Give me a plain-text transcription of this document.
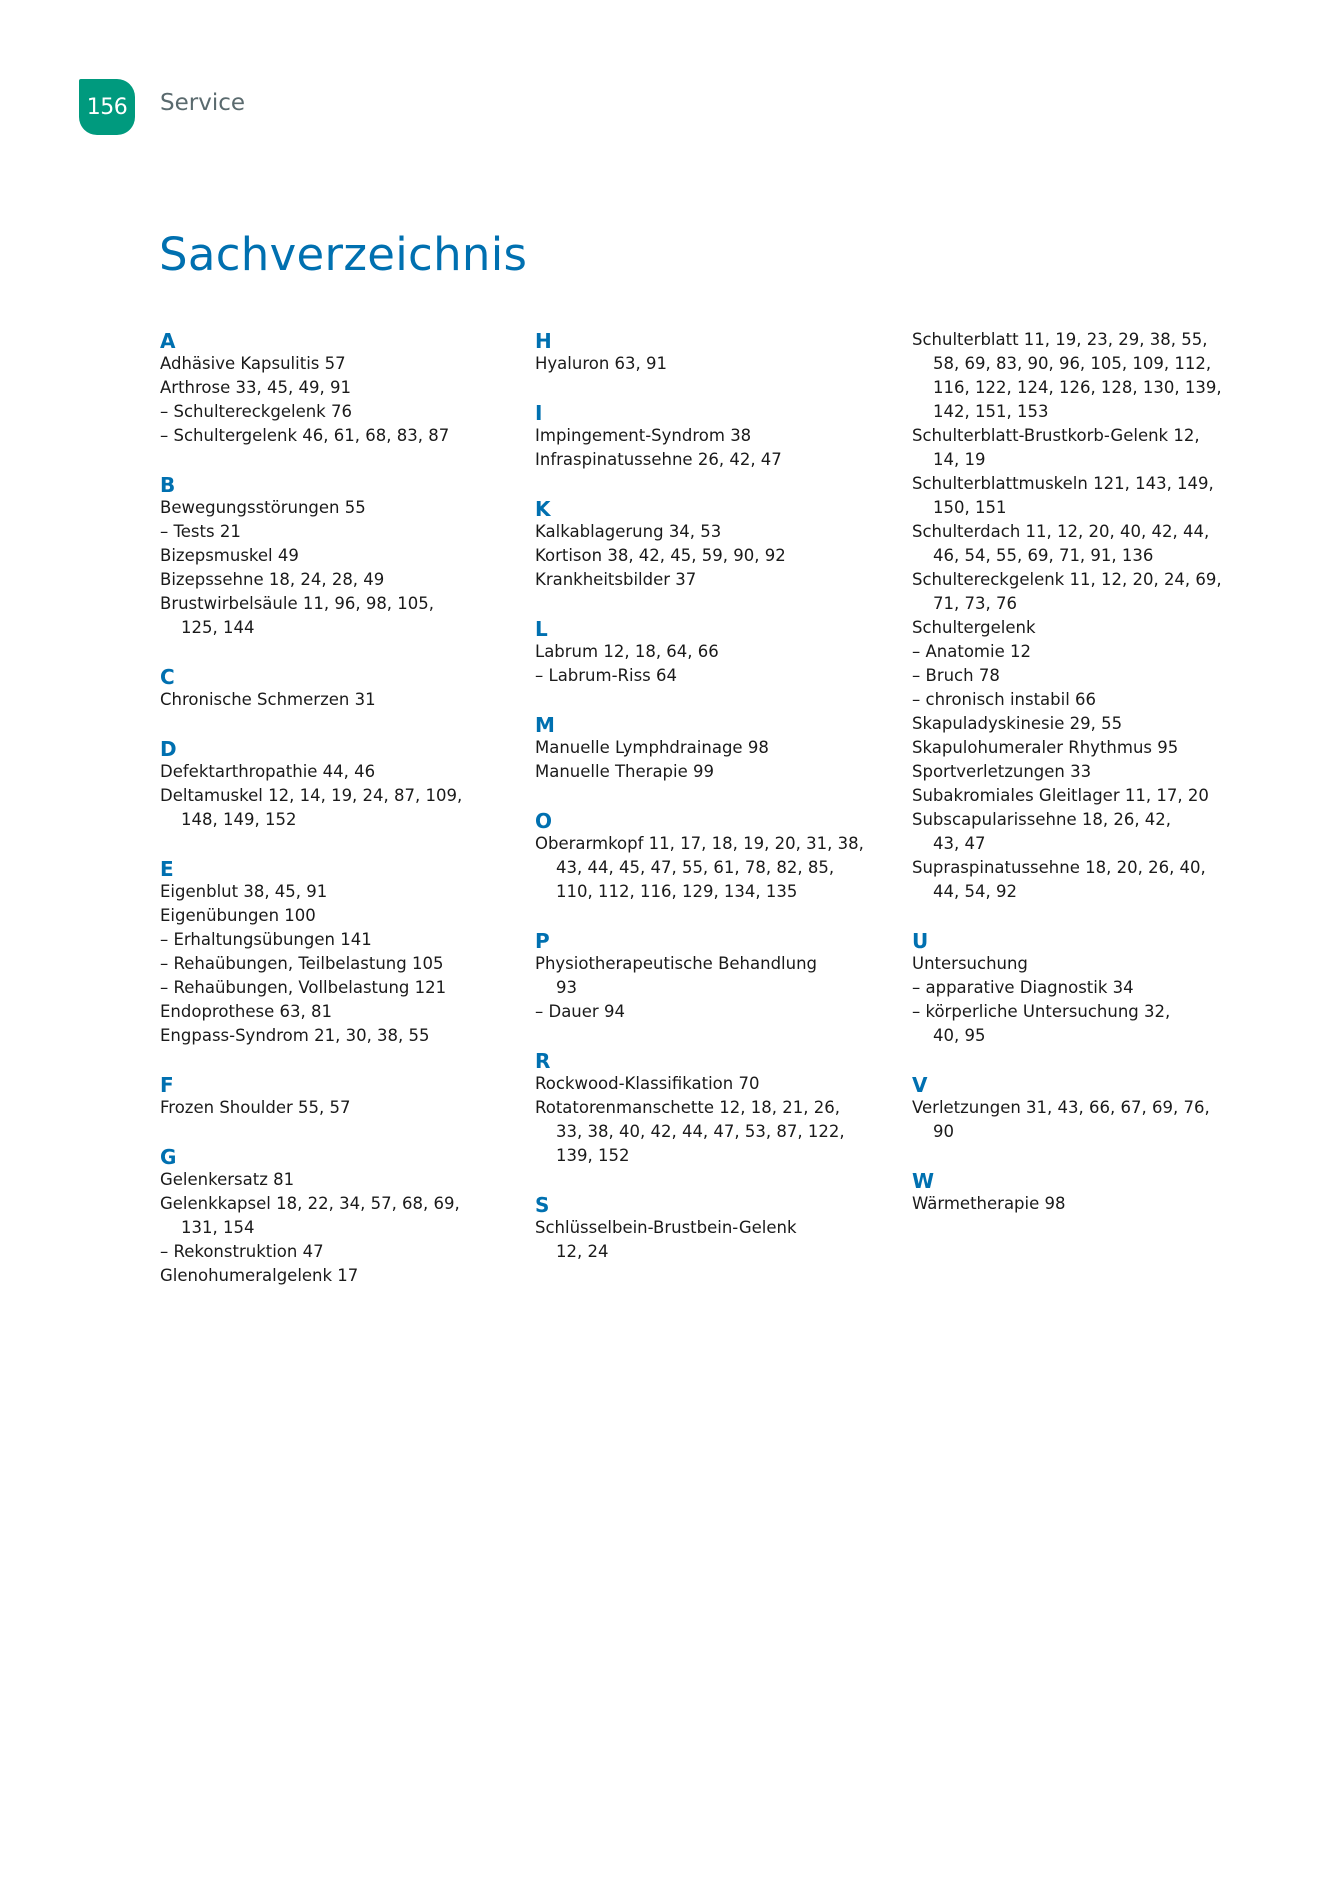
156 Service
Sachverzeichnis
A
Adhäsive Kapsulitis 57
Arthrose 33, 45, 49, 91
– Schultereckgelenk 76
– Schultergelenk 46, 61, 68, 83, 87
B
Bewegungsstörungen 55
– Tests 21
Bizepsmuskel 49
Bizepssehne 18, 24, 28, 49
Brustwirbelsäule 11, 96, 98, 105,
125, 144
C
Chronische Schmerzen 31
D
Defektarthropathie 44, 46
Deltamuskel 12, 14, 19, 24, 87, 109,
148, 149, 152
E
Eigenblut 38, 45, 91
Eigenübungen 100
– Erhaltungsübungen 141
– Rehaübungen, Teilbelastung 105
– Rehaübungen, Vollbelastung 121
Endoprothese 63, 81
Engpass-Syndrom 21, 30, 38, 55
F
Frozen Shoulder 55, 57
G
Gelenkersatz 81
Gelenkkapsel 18, 22, 34, 57, 68, 69,
131, 154
– Rekonstruktion 47
Glenohumeralgelenk 17
H
Hyaluron 63, 91
I
Impingement-Syndrom 38
Infraspinatussehne 26, 42, 47
K
Kalkablagerung 34, 53
Kortison 38, 42, 45, 59, 90, 92
Krankheitsbilder 37
L
Labrum 12, 18, 64, 66
– Labrum-Riss 64
M
Manuelle Lymphdrainage 98
Manuelle Therapie 99
O
Oberarmkopf 11, 17, 18, 19, 20, 31, 38,
43, 44, 45, 47, 55, 61, 78, 82, 85,
110, 112, 116, 129, 134, 135
P
Physiotherapeutische Behandlung
93
– Dauer 94
R
Rockwood-Klassifikation 70
Rotatorenmanschette 12, 18, 21, 26,
33, 38, 40, 42, 44, 47, 53, 87, 122,
139, 152
S
Schlüsselbein-Brustbein-Gelenk
12, 24
Schulterblatt 11, 19, 23, 29, 38, 55,
58, 69, 83, 90, 96, 105, 109, 112,
116, 122, 124, 126, 128, 130, 139,
142, 151, 153
Schulterblatt-Brustkorb-Gelenk 12,
14, 19
Schulterblattmuskeln 121, 143, 149,
150, 151
Schulterdach 11, 12, 20, 40, 42, 44,
46, 54, 55, 69, 71, 91, 136
Schultereckgelenk 11, 12, 20, 24, 69,
71, 73, 76
Schultergelenk
– Anatomie 12
– Bruch 78
– chronisch instabil 66
Skapuladyskinesie 29, 55
Skapulohumeraler Rhythmus 95
Sportverletzungen 33
Subakromiales Gleitlager 11, 17, 20
Subscapularissehne 18, 26, 42,
43, 47
Supraspinatussehne 18, 20, 26, 40,
44, 54, 92
U
Untersuchung
– apparative Diagnostik 34
– körperliche Untersuchung 32,
40, 95
V
Verletzungen 31, 43, 66, 67, 69, 76,
90
W
Wärmetherapie 98
